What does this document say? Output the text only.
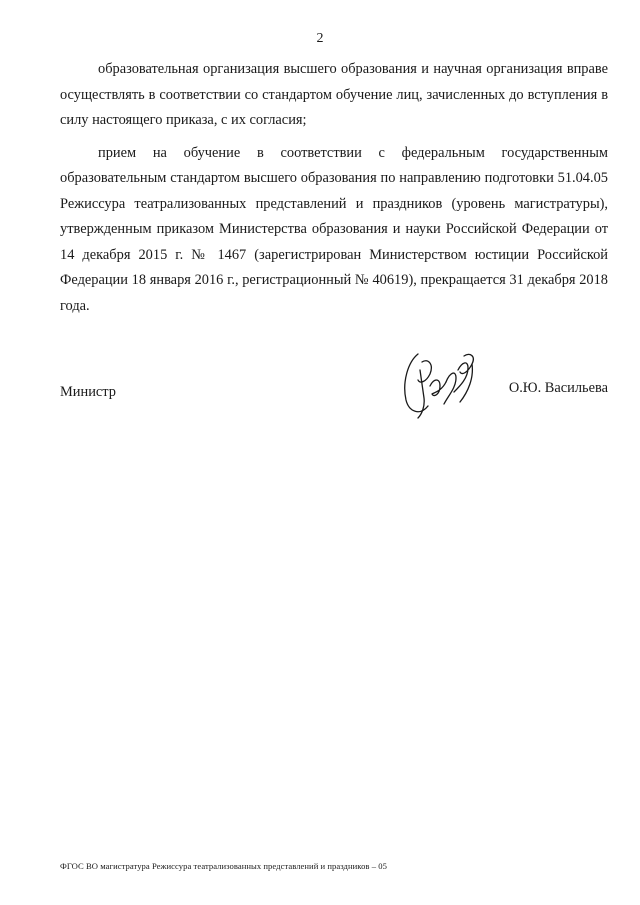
2

образовательная организация высшего образования и научная организация вправе осуществлять в соответствии со стандартом обучение лиц, зачисленных до вступления в силу настоящего приказа, с их согласия;

прием на обучение в соответствии с федеральным государственным образовательным стандартом высшего образования по направлению подготовки 51.04.05 Режиссура театрализованных представлений и праздников (уровень магистратуры), утвержденным приказом Министерства образования и науки Российской Федерации от 14 декабря 2015 г. № 1467 (зарегистрирован Министерством юстиции Российской Федерации 18 января 2016 г., регистрационный № 40619), прекращается 31 декабря 2018 года.

Министр	О.Ю. Васильева
ФГОС ВО магистратура Режиссура театрализованных представлений и праздников – 05
